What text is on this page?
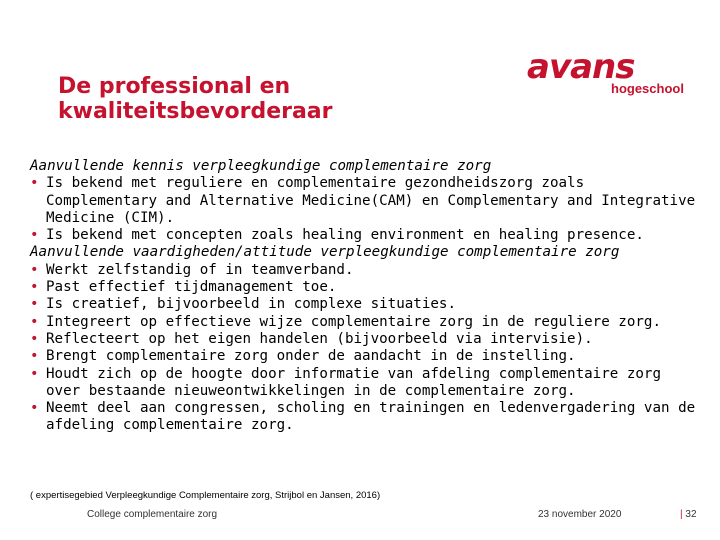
De professional en
kwaliteitsbevorderaar
avans
hogeschool
Aanvullende kennis verpleegkundige complementaire zorg
• Is bekend met reguliere en complementaire gezondheidszorg zoals Complementary and Alternative Medicine(CAM) en Complementary and Integrative Medicine (CIM).
• Is bekend met concepten zoals healing environment en healing presence.
Aanvullende vaardigheden/attitude verpleegkundige complementaire zorg
• Werkt zelfstandig of in teamverband.
• Past effectief tijdmanagement toe.
• Is creatief, bijvoorbeeld in complexe situaties.
• Integreert op effectieve wijze complementaire zorg in de reguliere zorg.
• Reflecteert op het eigen handelen (bijvoorbeeld via intervisie).
• Brengt complementaire zorg onder de aandacht in de instelling.
• Houdt zich op de hoogte door informatie van afdeling complementaire zorg over bestaande nieuweontwikkelingen in de complementaire zorg.
• Neemt deel aan congressen, scholing en trainingen en ledenvergadering van de afdeling complementaire zorg.
( expertisegebied Verpleegkundige Complementaire zorg, Strijbol en Jansen, 2016)
College complementaire zorg	23 november 2020	| 32
